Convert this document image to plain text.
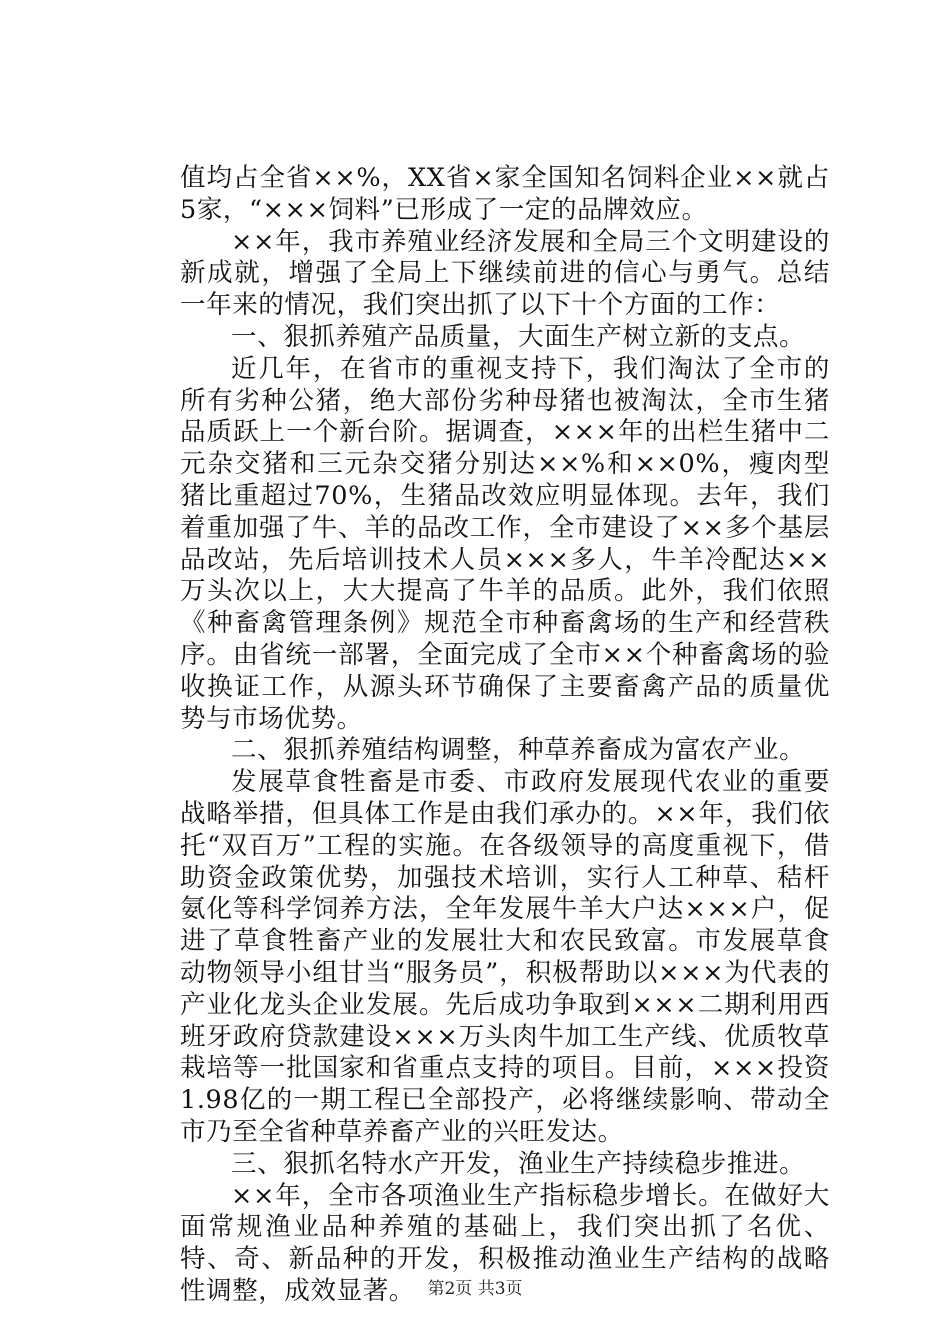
值均占全省××%，XX省×家全国知名饲料企业××就占5家，“×××饲料”已形成了一定的品牌效应。

××年，我市养殖业经济发展和全局三个文明建设的新成就，增强了全局上下继续前进的信心与勇气。总结一年来的情况，我们突出抓了以下十个方面的工作：

一、狠抓养殖产品质量，大面生产树立新的支点。

近几年，在省市的重视支持下，我们淘汰了全市的所有劣种公猪，绝大部份劣种母猪也被淘汰，全市生猪品质跃上一个新台阶。据调查，×××年的出栏生猪中二元杂交猪和三元杂交猪分别达××%和××0%，瘦肉型猪比重超过70%，生猪品改效应明显体现。去年，我们着重加强了牛、羊的品改工作，全市建设了××多个基层品改站，先后培训技术人员×××多人，牛羊冷配达××万头次以上，大大提高了牛羊的品质。此外，我们依照《种畜禽管理条例》规范全市种畜禽场的生产和经营秩序。由省统一部署，全面完成了全市××个种畜禽场的验收换证工作，从源头环节确保了主要畜禽产品的质量优势与市场优势。

二、狠抓养殖结构调整，种草养畜成为富农产业。

发展草食牲畜是市委、市政府发展现代农业的重要战略举措，但具体工作是由我们承办的。××年，我们依托“双百万”工程的实施。在各级领导的高度重视下，借助资金政策优势，加强技术培训，实行人工种草、秸杆氨化等科学饲养方法，全年发展牛羊大户达×××户，促进了草食牲畜产业的发展壮大和农民致富。市发展草食动物领导小组甘当“服务员”，积极帮助以×××为代表的产业化龙头企业发展。先后成功争取到×××二期利用西班牙政府贷款建设×××万头肉牛加工生产线、优质牧草栽培等一批国家和省重点支持的项目。目前，×××投资1.98亿的一期工程已全部投产，必将继续影响、带动全市乃至全省种草养畜产业的兴旺发达。

三、狠抓名特水产开发，渔业生产持续稳步推进。

××年，全市各项渔业生产指标稳步增长。在做好大面常规渔业品种养殖的基础上，我们突出抓了名优、特、奇、新品种的开发，积极推动渔业生产结构的战略性调整，成效显著。 第2页 共3页
